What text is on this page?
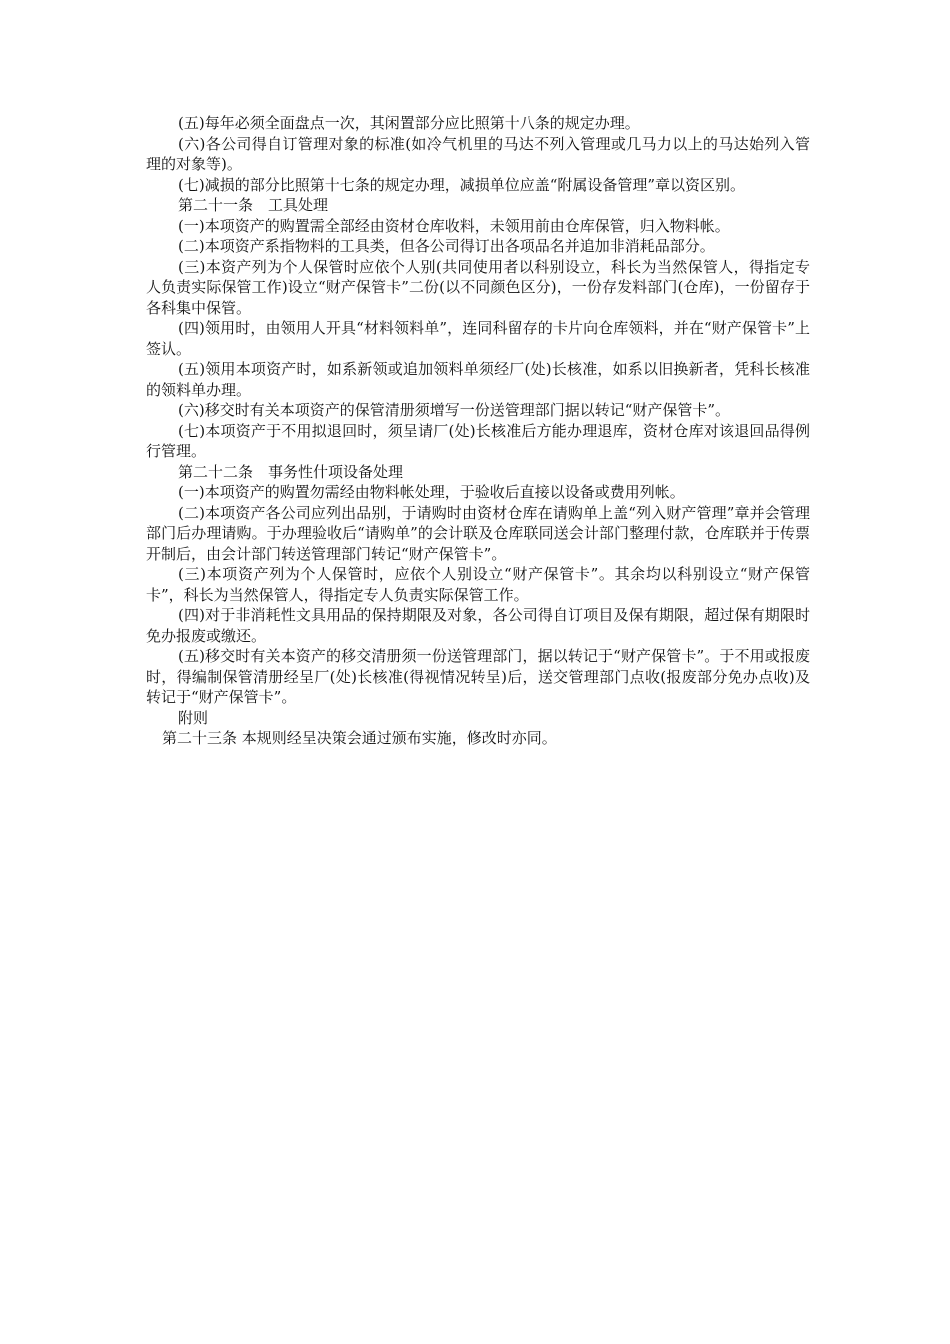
(五)每年必须全面盘点一次，其闲置部分应比照第十八条的规定办理。

(六)各公司得自订管理对象的标准(如冷气机里的马达不列入管理或几马力以上的马达始列入管理的对象等)。

(七)减损的部分比照第十七条的规定办理，减损单位应盖“附属设备管理”章以资区别。

第二十一条　工具处理

(一)本项资产的购置需全部经由资材仓库收料，未领用前由仓库保管，归入物料帐。

(二)本项资产系指物料的工具类，但各公司得订出各项品名并追加非消耗品部分。

(三)本资产列为个人保管时应依个人别(共同使用者以科别设立，科长为当然保管人，得指定专人负责实际保管工作)设立“财产保管卡”二份(以不同颜色区分)，一份存发料部门(仓库)，一份留存于各科集中保管。

(四)领用时，由领用人开具“材料领料单”，连同科留存的卡片向仓库领料，并在“财产保管卡”上签认。

(五)领用本项资产时，如系新领或追加领料单须经厂(处)长核准，如系以旧换新者，凭科长核准的领料单办理。

(六)移交时有关本项资产的保管清册须增写一份送管理部门据以转记“财产保管卡”。

(七)本项资产于不用拟退回时，须呈请厂(处)长核准后方能办理退库，资材仓库对该退回品得例行管理。

第二十二条　事务性什项设备处理

(一)本项资产的购置勿需经由物料帐处理，于验收后直接以设备或费用列帐。

(二)本项资产各公司应列出品别，于请购时由资材仓库在请购单上盖“列入财产管理”章并会管理部门后办理请购。于办理验收后“请购单”的会计联及仓库联同送会计部门整理付款，仓库联并于传票开制后，由会计部门转送管理部门转记“财产保管卡”。

(三)本项资产列为个人保管时，应依个人别设立“财产保管卡”。其余均以科别设立“财产保管卡”，科长为当然保管人，得指定专人负责实际保管工作。

(四)对于非消耗性文具用品的保持期限及对象，各公司得自订项目及保有期限，超过保有期限时免办报废或缴还。

(五)移交时有关本资产的移交清册须一份送管理部门，据以转记于“财产保管卡”。于不用或报废时，得编制保管清册经呈厂(处)长核准(得视情况转呈)后，送交管理部门点收(报废部分免办点收)及转记于“财产保管卡”。

附则

第二十三条 本规则经呈决策会通过颁布实施，修改时亦同。
